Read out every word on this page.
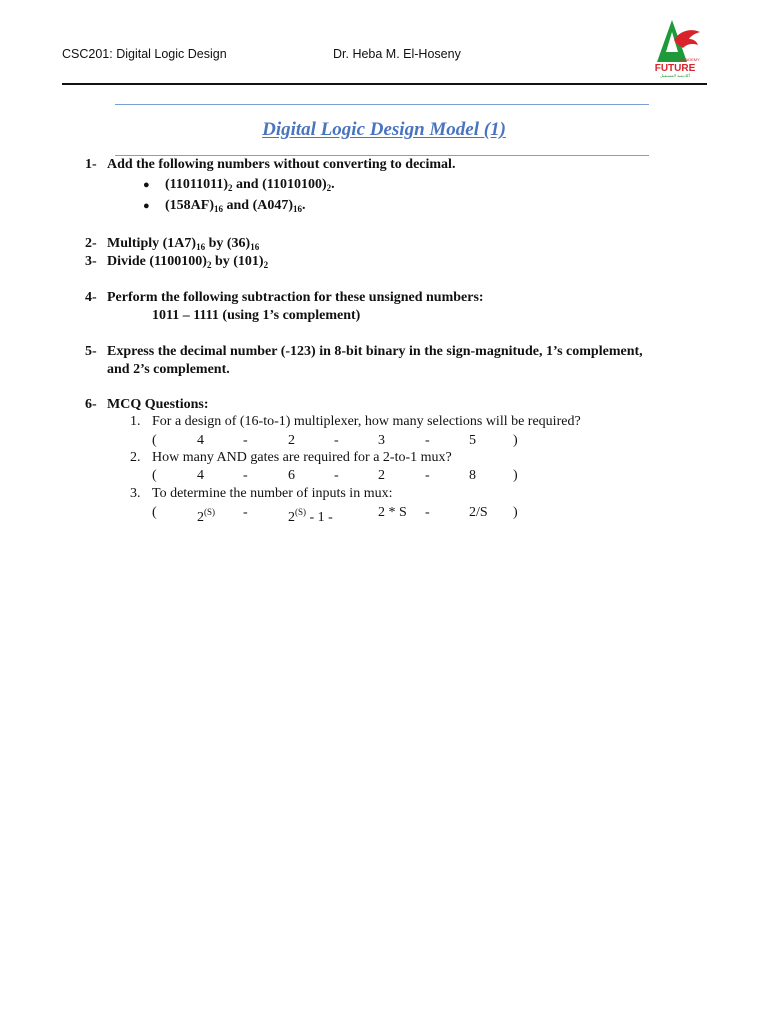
CSC201: Digital Logic Design	Dr. Heba M. El-Hoseny	ACADEMY
FUTURE
أكاديمية المستقبل
Digital Logic Design Model (1)
1- Add the following numbers without converting to decimal.
● $(11011011)_2$ and $(11010100)_2$.
● $(158AF)_{16}$ and $(A047)_{16}$.
2- Multiply $(1A7)_{16}$ by $(36)_{16}$
3- Divide $(1100100)_2$ by $(101)_2$
4- Perform the following subtraction for these unsigned numbers:
1011 – 1111 (using 1’s complement)
5- Express the decimal number (-123) in 8-bit binary in the sign-magnitude, 1’s complement,
and 2’s complement.
6- MCQ Questions:
1. For a design of (16-to-1) multiplexer, how many selections will be required?
(	4	-	2	-	3	-	5	)
2. How many AND gates are required for a 2-to-1 mux?
(	4	-	6	-	2	-	8	)
3. To determine the number of inputs in mux:
(	$2^{(S)}$ -	$2^{(S)} - 1$ -	2 * S -	2/S )
